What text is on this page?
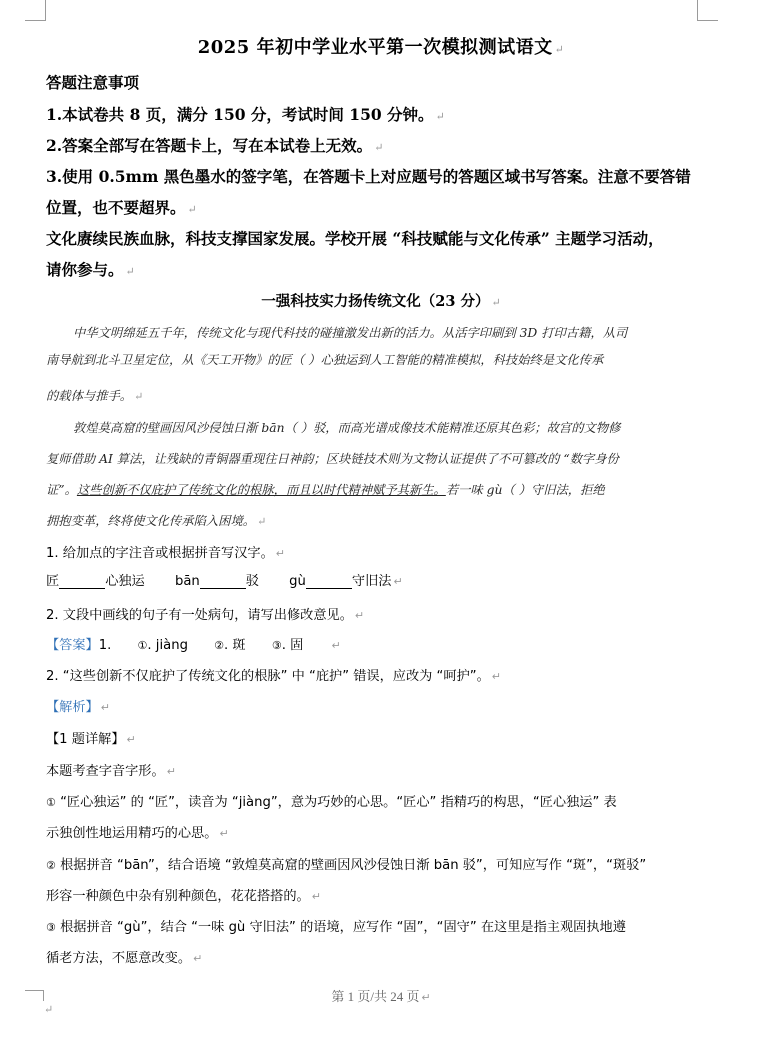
2025 年初中学业水平第一次模拟测试语文 ↵
答题注意事项
1.本试卷共 8 页，满分 150 分，考试时间 150 分钟。 ↵
2.答案全部写在答题卡上，写在本试卷上无效。 ↵
3.使用 0.5mm 黑色墨水的签字笔，在答题卡上对应题号的答题区域书写答案。注意不要答错
位置，也不要超界。 ↵
文化赓续民族血脉，科技支撑国家发展。学校开展 “科技赋能与文化传承” 主题学习活动，
请你参与。 ↵
一强科技实力扬传统文化（23 分） ↵
中华文明绵延五千年，传统文化与现代科技的碰撞激发出新的活力。从活字印刷到 3D 打印古籍，从司
南导航到北斗卫星定位，从《天工开物》的匠（ ）心独运到人工智能的精准模拟，科技始终是文化传承
的载体与推手。 ↵
敦煌莫高窟的壁画因风沙侵蚀日渐 bān（ ）驳，而高光谱成像技术能精准还原其色彩；故宫的文物修
复师借助 AI 算法，让残缺的青铜器重现往日神韵；区块链技术则为文物认证提供了不可篡改的 “数字身份
证”。这些创新不仅庇护了传统文化的根脉，而且以时代精神赋予其新生。若一味 gù（ ）守旧法，拒绝
拥抱变革，终将使文化传承陷入困境。 ↵
1. 给加点的字注音或根据拼音写汉字。 ↵
匠	心独运 bān	驳 gù	守旧法 ↵
2. 文段中画线的句子有一处病句，请写出修改意见。 ↵
【答案】1. ①. jiàng ②. 斑 ③. 固	↵
2. “这些创新不仅庇护了传统文化的根脉” 中 “庇护” 错误，应改为 “呵护”。 ↵
【解析】 ↵
【1 题详解】 ↵
本题考查字音字形。 ↵
① “匠心独运” 的 “匠”，读音为 “jiàng”，意为巧妙的心思。“匠心” 指精巧的构思，“匠心独运” 表
示独创性地运用精巧的心思。 ↵
② 根据拼音 “bān”，结合语境 “敦煌莫高窟的壁画因风沙侵蚀日渐 bān 驳”，可知应写作 “斑”，“斑驳”
形容一种颜色中杂有别种颜色，花花搭搭的。 ↵
③ 根据拼音 “gù”，结合 “一味 gù 守旧法” 的语境，应写作 “固”，“固守” 在这里是指主观固执地遵
循老方法，不愿意改变。 ↵
第 1 页/共 24 页 ↵
↵
